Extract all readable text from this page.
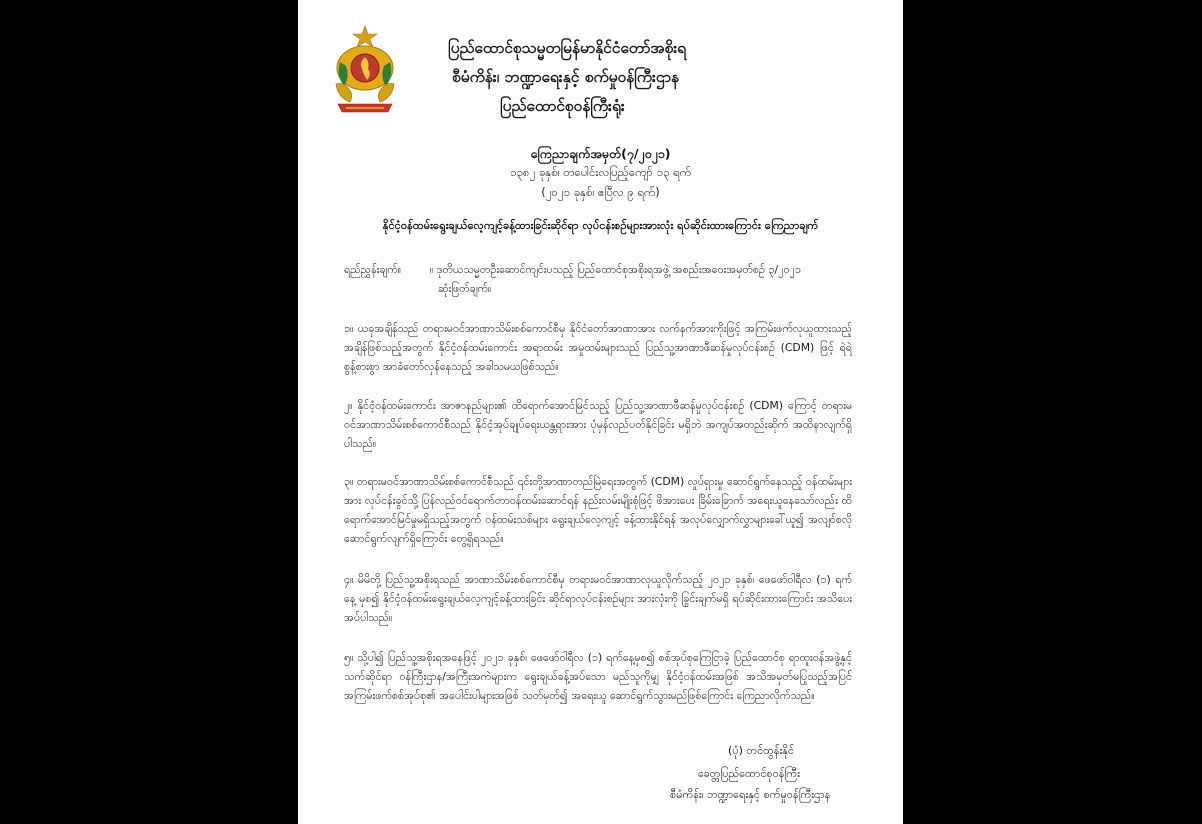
ပြည်ထောင်စုသမ္မတမြန်မာနိုင်ငံတော်အစိုးရ
စီမံကိန်း၊ ဘဏ္ဍာရေးနှင့် စက်မှုဝန်ကြီးဌာန
ပြည်ထောင်စုဝန်ကြီးရုံး
ကြေညာချက်အမှတ်(၇/၂၀၂၁)
၁၃၈၂ ခုနှစ်၊ တပေါင်းလပြည့်ကျော် ၁၃ ရက်
(၂၀၂၁ ခုနှစ်၊ ဧပြီလ ၉ ရက်)
နိုင်ငံ့ဝန်ထမ်းရွေးချယ်လေ့ကျင့်ခန့်ထားခြင်းဆိုင်ရာ လုပ်ငန်းစဉ်များအားလုံး ရပ်ဆိုင်းထားကြောင်း ကြေညာချက်
ရည်ညွှန်းချက်။	။ ဒုတိယသမ္မတဦးဆောင်ကျင်းပသည့် ပြည်ထောင်စုအစိုးရအဖွဲ့ အစည်းအဝေးအမှတ်စဉ် ၃/၂၀၂၁
ဆုံးဖြတ်ချက်။
၁။ ယခုအချိန်သည် တရားမဝင်အာဏာသိမ်းစစ်ကောင်စီမှ နိုင်ငံတော်အာဏာအား လက်နက်အားကိုးဖြင့် အကြမ်းဖက်လုယူထားသည့် အချိန်ဖြစ်သည့်အတွက် နိုင်ငံ့ဝန်ထမ်းကောင်း အရာထမ်း အမှုထမ်းများသည် ပြည်သူ့အာဏာဖီဆန်မှုလုပ်ငန်းစဉ် (CDM) ဖြင့် ရဲရဲ စွန့်စားစွာ အာခံတော်လှန်နေသည့် အခါသမယဖြစ်သည်။
၂။ နိုင်ငံ့ဝန်ထမ်းကောင်း အာဇာနည်များ၏ ထိရောက်အောင်မြင်သည့် ပြည်သူ့အာဏာဖီဆန်မှုလုပ်ငန်းစဉ် (CDM) ကြောင့် တရားမဝင်အာဏာသိမ်းစစ်ကောင်စီသည် နိုင်ငံ့အုပ်ချုပ်ရေးယန္တရားအား ပုံမှန်လည်ပတ်နိုင်ခြင်း မရှိဘဲ အကျပ်အတည်းဆိုက် အထိနာလျက်ရှိပါသည်။
၃။ တရားမဝင်အာဏာသိမ်းစစ်ကောင်စီသည် ၎င်းတို့အာဏာတည်မြဲရေးအတွက် (CDM) လှုပ်ရှားမှု ဆောင်ရွက်နေသည့် ဝန်ထမ်းများအား လုပ်ငန်းခွင်သို့ ပြန်လည်ဝင်ရောက်တာဝန်ထမ်းဆောင်ရန် နည်းလမ်းမျိုးစုံဖြင့် ဖိအားပေး ခြိမ်းခြောက် အရေးယူနေသော်လည်း ထိရောက်အောင်မြင်မှုမရှိသည့်အတွက် ဝန်ထမ်းသစ်များ ရွေးချယ်လေ့ကျင့် ခန့်ထားနိုင်ရန် အလုပ်လျှောက်လွှာများခေါ်ယူ၍ အလျင်စလို ဆောင်ရွက်လျက်ရှိကြောင်း တွေ့ရှိရသည်။
၄။ မိမိတို့ ပြည်သူ့အစိုးရသည် အာဏာသိမ်းစစ်ကောင်စီမှ တရားမဝင်အာဏာလုယူလိုက်သည့် ၂၀၂၁ ခုနှစ်၊ ဖေဖော်ဝါရီလ (၁) ရက်နေ့ မှစ၍ နိုင်ငံ့ဝန်ထမ်းရွေးချယ်လေ့ကျင့်ခန့်ထားခြင်း ဆိုင်ရာလုပ်ငန်းစဉ်များ အားလုံးကို ခြွင်းချက်မရှိ ရပ်ဆိုင်းထားကြောင်း အသိပေးအပ်ပါသည်။
၅။ သို့ပါ၍ ပြည်သူ့အစိုးရအနေဖြင့် ၂၀၂၁ ခုနှစ်၊ ဖေဖော်ဝါရီလ (၁) ရက်နေ့မှစ၍ စစ်အုပ်စုကြေငြာခဲ့ ပြည်ထောင်စု ရာထူးဝန်အဖွဲ့နှင့် သက်ဆိုင်ရာ ဝန်ကြီးဌာန/အကြီးအကဲများက ရွေးချယ်ခန့်အပ်သော မည်သူကိုမျှ နိုင်ငံ့ဝန်ထမ်းအဖြစ် အသိအမှတ်မပြုသည့်အပြင် အကြမ်းဖက်စစ်အုပ်စု၏ အပေါင်းပါများအဖြစ် သတ်မှတ်၍ အရေးယူ ဆောင်ရွက်သွားမည်ဖြစ်ကြောင်း ကြေညာလိုက်သည်။
(ပုံ) တင်ထွန်းနိုင်
ခေတ္တပြည်ထောင်စုဝန်ကြီး
စီမံကိန်း၊ ဘဏ္ဍာရေးနှင့် စက်မှုဝန်ကြီးဌာန
